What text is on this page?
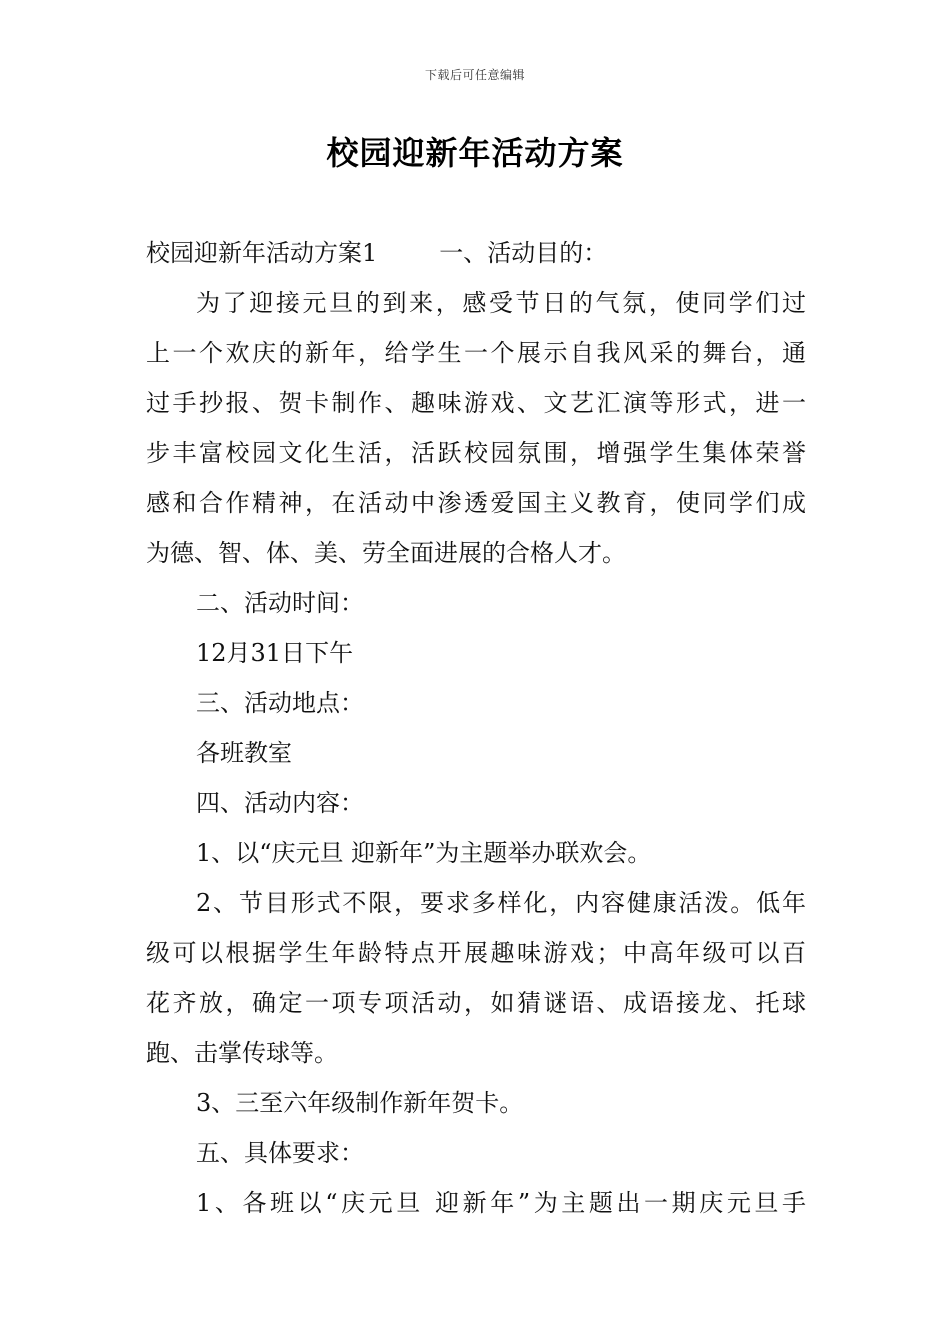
下载后可任意编辑
校园迎新年活动方案
校园迎新年活动方案1	一、活动目的：
为了迎接元旦的到来，感受节日的气氛，使同学们过
上一个欢庆的新年，给学生一个展示自我风采的舞台，通
过手抄报、贺卡制作、趣味游戏、文艺汇演等形式，进一
步丰富校园文化生活，活跃校园氛围，增强学生集体荣誉
感和合作精神，在活动中渗透爱国主义教育，使同学们成
为德、智、体、美、劳全面进展的合格人才。
二、活动时间：
12月31日下午
三、活动地点：
各班教室
四、活动内容：
1、以“庆元旦 迎新年”为主题举办联欢会。
2、节目形式不限，要求多样化，内容健康活泼。低年
级可以根据学生年龄特点开展趣味游戏；中高年级可以百
花齐放，确定一项专项活动，如猜谜语、成语接龙、托球
跑、击掌传球等。
3、三至六年级制作新年贺卡。
五、具体要求：
1、各班以“庆元旦 迎新年”为主题出一期庆元旦手
